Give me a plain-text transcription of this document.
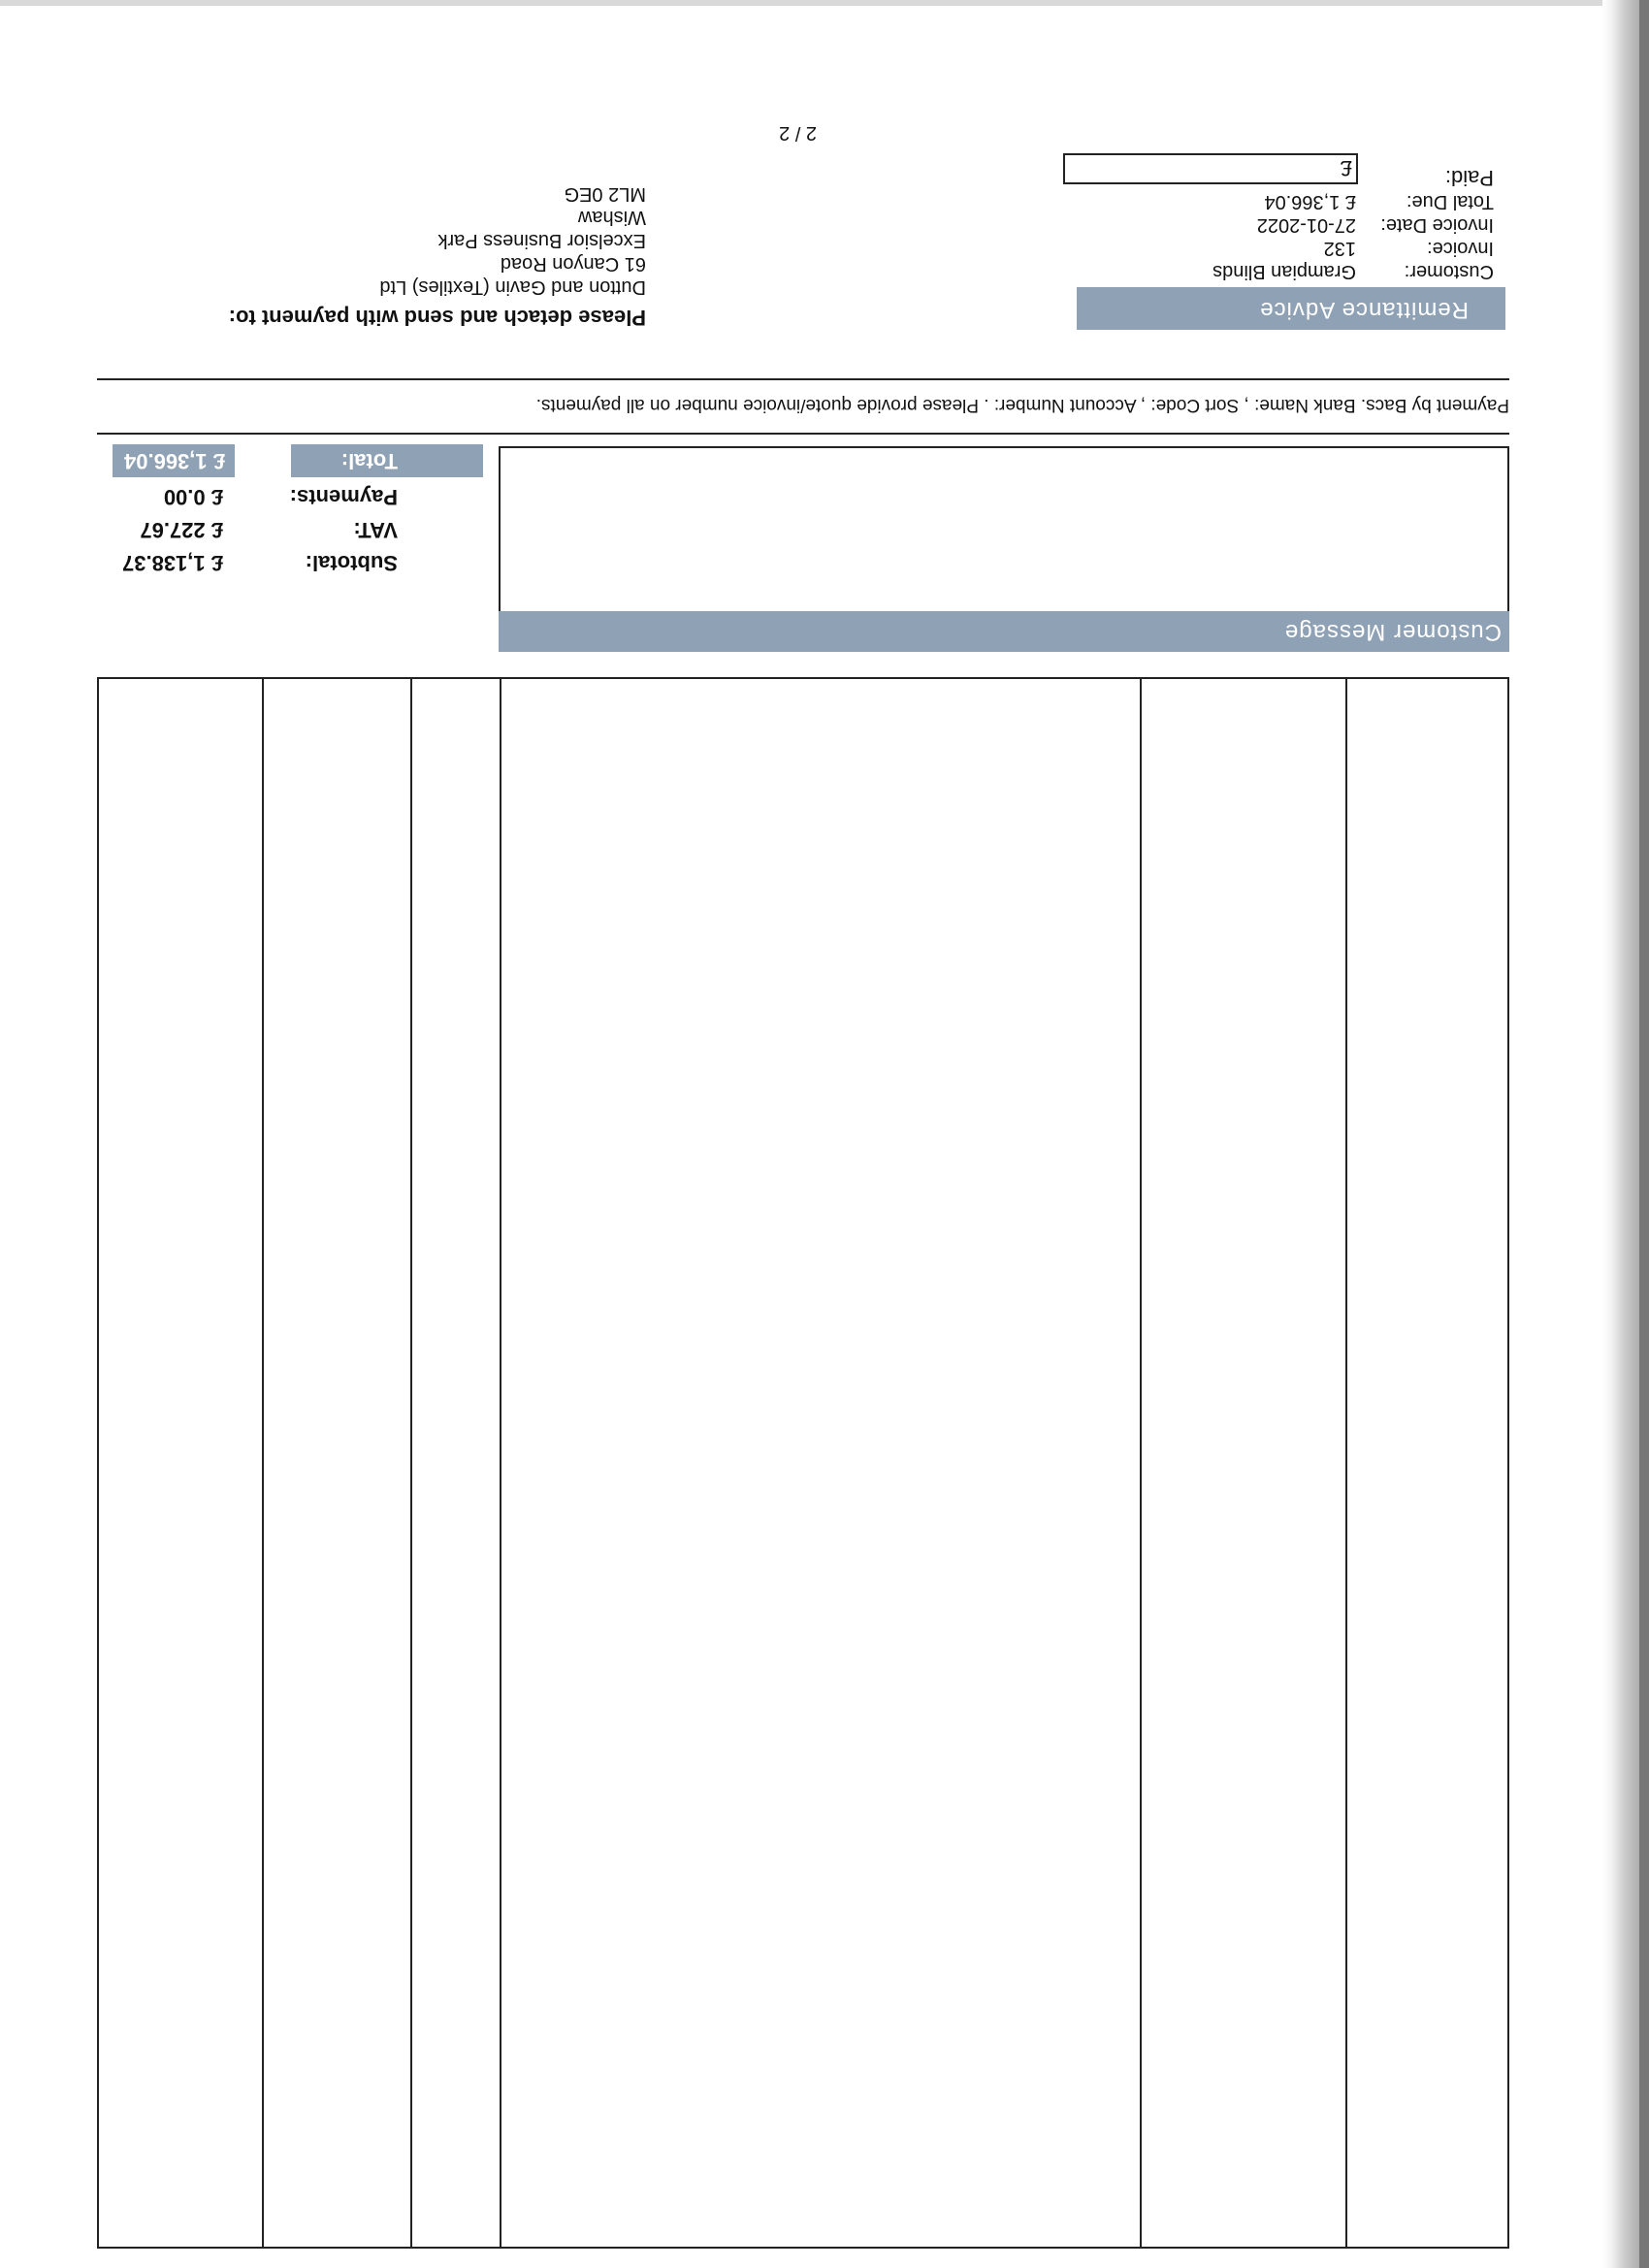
Customer Message
Subtotal:
£ 1,138.37
VAT:
£ 227.67
Payments:
£ 0.00
Total:
£ 1,366.04
Payment by Bacs. Bank Name: , Sort Code: , Account Number: . Please provide quote/invoice number on all payments.
Remittance Advice
Customer:
Grampian Blinds
Invoice:
132
Invoice Date:
27-01-2022
Total Due:
£ 1,366.04
Paid:
£
Please detach and send with payment to:
Dutton and Gavin (Textiles) Ltd
61 Canyon Road
Excelsior Business Park
Wishaw
ML2 0EG
2 / 2
